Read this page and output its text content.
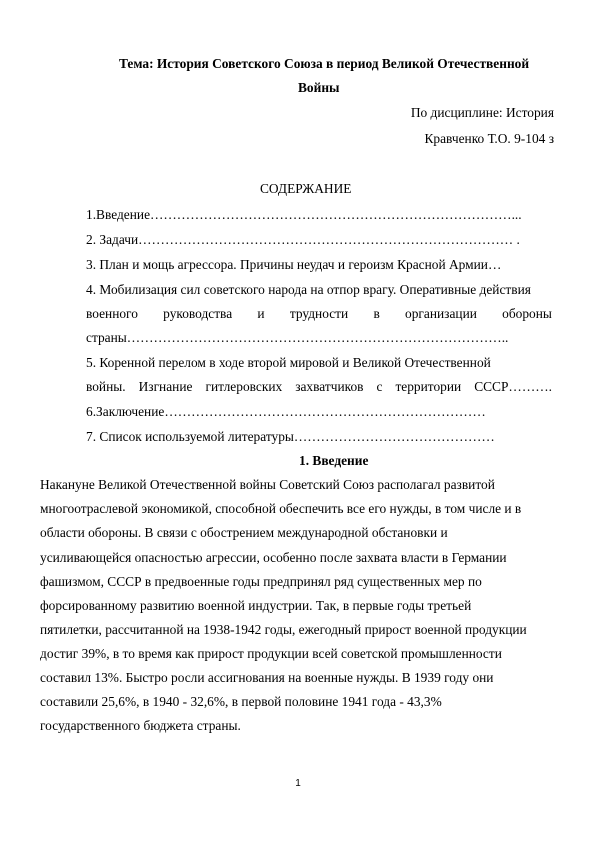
Тема: История Советского Союза в период Великой Отечественной
Войны
По дисциплине: История
Кравченко Т.О. 9-104 з
СОДЕРЖАНИЕ
1.Введение………………………………………………………………………...
2. Задачи………………………………………………………………………… .
3. План и мощь агрессора. Причины неудач и героизм Красной Армии…
4. Мобилизация сил советского народа на отпор врагу. Оперативные действия
военного руководства и трудности в организации обороны
страны…………………………………………………………………………..
5. Коренной перелом в ходе второй мировой и Великой Отечественной
войны. Изгнание гитлеровских захватчиков с территории СССР……….
6.Заключение………………………………………………………………
7. Список используемой литературы………………………………………
1. Введение
Накануне Великой Отечественной войны Советский Союз располагал развитой
многоотраслевой экономикой, способной обеспечить все его нужды, в том числе и в
области обороны. В связи с обострением международной обстановки и
усиливающейся опасностью агрессии, особенно после захвата власти в Германии
фашизмом, СССР в предвоенные годы предпринял ряд существенных мер по
форсированному развитию военной индустрии. Так, в первые годы третьей
пятилетки, рассчитанной на 1938-1942 годы, ежегодный прирост военной продукции
достиг 39%, в то время как прирост продукции всей советской промышленности
составил 13%. Быстро росли ассигнования на военные нужды. В 1939 году они
составили 25,6%, в 1940 - 32,6%, в первой половине 1941 года - 43,3%
государственного бюджета страны.
1
